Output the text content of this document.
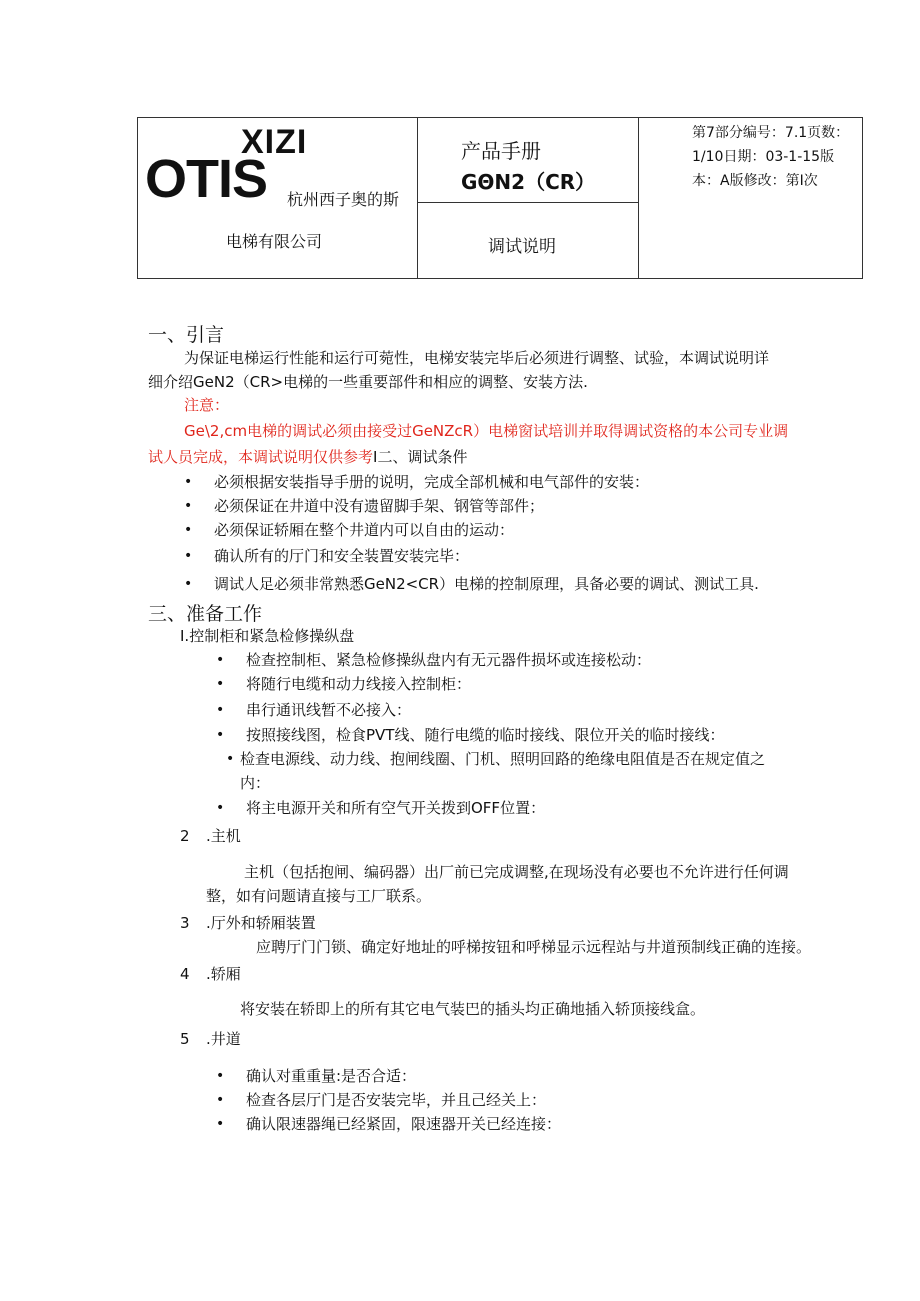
XIZI
OTIS 杭州西子奥的斯
电梯有限公司
产品手册
GΘN2（CR）
调试说明
第7部分编号：7.1页数：
1/10日期：03-1-15版
本：A版修改：第Ⅰ次
一、引言
为保证电梯运行性能和运行可菀性，电梯安装完毕后必须进行调整、试验，本调试说明详
细介绍GeN2（CR>电梯的一些重要部件和相应的调整、安装方法.
注意：
Ge\2,cm电梯的调试必须由接受过GeNZcR）电梯窗试培训并取得调试资格的本公司专业调
试人员完成，本调试说明仅供参考I二、调试条件
• 必须根据安装指导手册的说明，完成全部机械和电气部件的安装：
• 必须保证在井道中没有遗留脚手架、钢管等部件；
• 必须保证轿厢在整个井道内可以自由的运动：
• 确认所有的厅门和安全装置安装完毕：
• 调试人足必须非常熟悉GeN2<CR）电梯的控制原理，具备必要的调试、测试工具.
三、准备工作
I.控制柜和紧急检修操纵盘
• 检查控制柜、紧急检修操纵盘内有无元器件损坏或连接松动：
• 将随行电缆和动力线接入控制柜：
• 串行通讯线暂不必接入：
• 按照接线图，检食PVT线、随行电缆的临时接线、限位开关的临时接线：
• 检查电源线、动力线、抱闸线圈、门机、照明回路的绝缘电阻值是否在规定值之
内：
• 将主电源开关和所有空气开关拨到OFF位置：
2 .主机
主机（包括抱闸、编码器）出厂前已完成调整,在现场没有必要也不允许进行任何调
整，如有问题请直接与工厂联系。
3 .厅外和轿厢装置
应聘厅门门锁、确定好地址的呼梯按钮和呼梯显示远程站与井道预制线正确的连接。
4 .轿厢
将安装在轿即上的所有其它电气装巴的插头均正确地插入轿顶接线盒。
5 .井道
• 确认对重重量:是否合适：
• 检查各层厅门是否安装完毕，并且己经关上：
• 确认限速器绳已经紧固，限速器开关已经连接：
